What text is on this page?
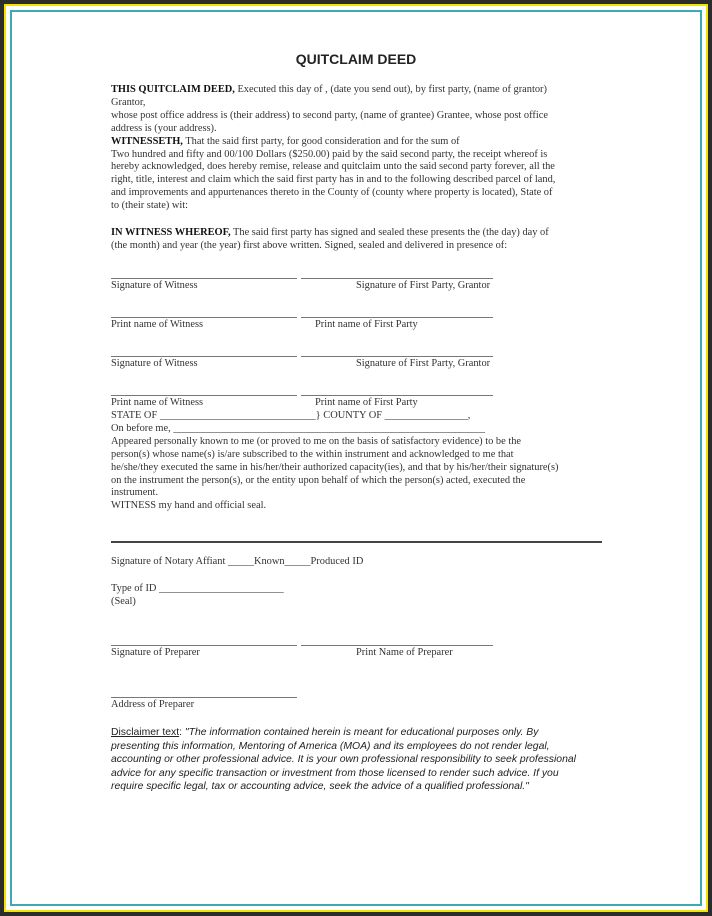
QUITCLAIM DEED
THIS QUITCLAIM DEED, Executed this day of , (date you send out), by first party, (name of grantor)
Grantor,
whose post office address is (their address) to second party, (name of grantee) Grantee, whose post office
address is (your address).
WITNESSETH, That the said first party, for good consideration and for the sum of
Two hundred and fifty and 00/100 Dollars ($250.00) paid by the said second party, the receipt whereof is
hereby acknowledged, does hereby remise, release and quitclaim unto the said second party forever, all the
right, title, interest and claim which the said first party has in and to the following described parcel of land,
and improvements and appurtenances thereto in the County of (county where property is located), State of
to (their state) wit:
IN WITNESS WHEREOF, The said first party has signed and sealed these presents the (the day) day of
(the month) and year (the year) first above written. Signed, sealed and delivered in presence of:
Signature of Witness	Signature of First Party, Grantor
Print name of Witness	Print name of First Party
Signature of Witness	Signature of First Party, Grantor
Print name of Witness	Print name of First Party
STATE OF ______________________________} COUNTY OF ________________,
On before me, ____________________________________________________________
Appeared personally known to me (or proved to me on the basis of satisfactory evidence) to be the
person(s) whose name(s) is/are subscribed to the within instrument and acknowledged to me that
he/she/they executed the same in his/her/their authorized capacity(ies), and that by his/her/their signature(s)
on the instrument the person(s), or the entity upon behalf of which the person(s) acted, executed the
instrument.
WITNESS my hand and official seal.
Signature of Notary Affiant _____Known_____Produced ID
Type of ID ________________________
(Seal)
Signature of Preparer	Print Name of Preparer
Address of Preparer
Disclaimer text: "The information contained herein is meant for educational purposes only. By presenting this information, Mentoring of America (MOA) and its employees do not render legal, accounting or other professional advice. It is your own professional responsibility to seek professional advice for any specific transaction or investment from those licensed to render such advice. If you require specific legal, tax or accounting advice, seek the advice of a qualified professional."
